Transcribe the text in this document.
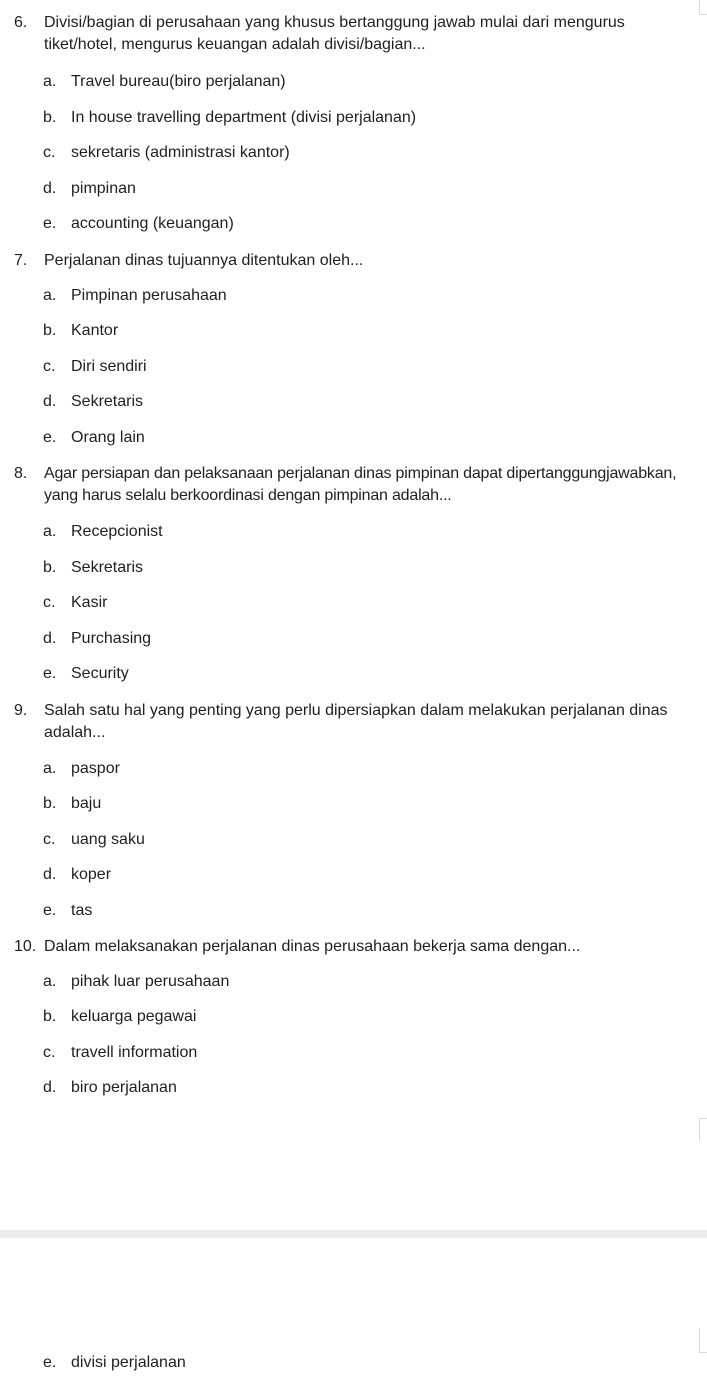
6.	Divisi/bagian di perusahaan yang khusus bertanggung jawab mulai dari mengurus tiket/hotel, mengurus keuangan adalah divisi/bagian...
a. Travel bureau(biro perjalanan)
b. In house travelling department (divisi perjalanan)
c. sekretaris (administrasi kantor)
d. pimpinan
e. accounting (keuangan)
7.	Perjalanan dinas tujuannya ditentukan oleh...
a. Pimpinan perusahaan
b. Kantor
c. Diri sendiri
d. Sekretaris
e. Orang lain
8.	Agar persiapan dan pelaksanaan perjalanan dinas pimpinan dapat dipertanggungjawabkan, yang harus selalu berkoordinasi dengan pimpinan adalah...
a. Recepcionist
b. Sekretaris
c. Kasir
d. Purchasing
e. Security
9.	Salah satu hal yang penting yang perlu dipersiapkan dalam melakukan perjalanan dinas adalah...
a. paspor
b. baju
c. uang saku
d. koper
e. tas
10. Dalam melaksanakan perjalanan dinas perusahaan bekerja sama dengan...
a. pihak luar perusahaan
b. keluarga pegawai
c. travell information
d. biro perjalanan
e. divisi perjalanan
